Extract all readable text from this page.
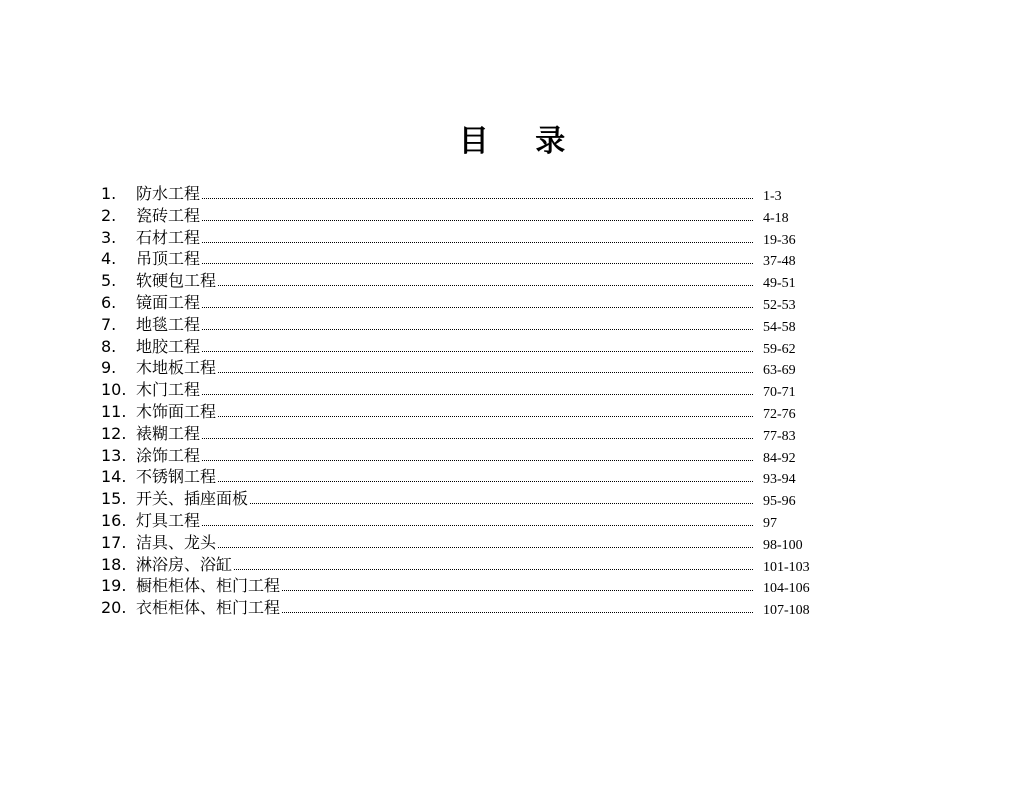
目 录
1. 防水工程	1-3
2. 瓷砖工程	4-18
3. 石材工程	19-36
4. 吊顶工程	37-48
5. 软硬包工程	49-51
6. 镜面工程	52-53
7. 地毯工程	54-58
8. 地胶工程	59-62
9. 木地板工程	63-69
10. 木门工程	70-71
11. 木饰面工程	72-76
12. 裱糊工程	77-83
13. 涂饰工程	84-92
14. 不锈钢工程	93-94
15. 开关、插座面板	95-96
16. 灯具工程	97
17. 洁具、龙头	98-100
18. 淋浴房、浴缸	101-103
19. 橱柜柜体、柜门工程	104-106
20. 衣柜柜体、柜门工程	107-108
